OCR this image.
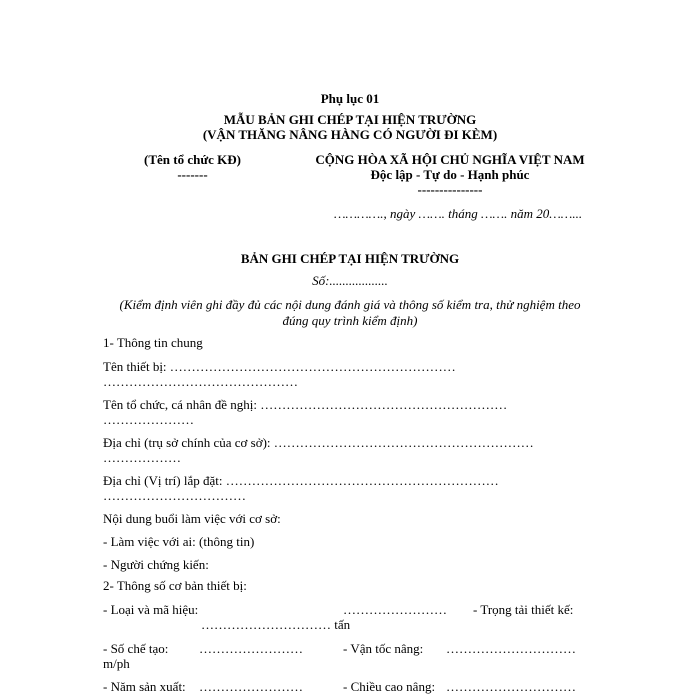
Phụ lục 01
MẪU BẢN GHI CHÉP TẠI HIỆN TRƯỜNG
(VẬN THĂNG NÂNG HÀNG CÓ NGƯỜI ĐI KÈM)
(Tên tổ chức KĐ)
-------
CỘNG HÒA XÃ HỘI CHỦ NGHĨA VIỆT NAM
Độc lập - Tự do - Hạnh phúc
---------------
…………., ngày ……. tháng ……. năm 20……...
BẢN GHI CHÉP TẠI HIỆN TRƯỜNG
Số:..................
(Kiểm định viên ghi đầy đủ các nội dung đánh giá và thông số kiểm tra, thử nghiệm theo
đúng quy trình kiểm định)
1- Thông tin chung
Tên thiết bị: …………………………………………………………
………………………………………
Tên tổ chức, cá nhân đề nghị: …………………………………………………
…………………
Địa chỉ (trụ sở chính của cơ sở): ……………………………………………………
………………
Địa chỉ (Vị trí) lắp đặt: ………………………………………………………
……………………………
Nội dung buổi làm việc với cơ sở:
- Làm việc với ai: (thông tin)
- Người chứng kiến:
2- Thông số cơ bản thiết bị:
- Loại và mã hiệu:	…………………… - Trọng tải thiết kế:
………………………… tấn
- Số chế tạo: ……………………	- Vận tốc nâng: …………………………
m/ph
- Năm sản xuất: ……………………	- Chiều cao nâng: …………………………
